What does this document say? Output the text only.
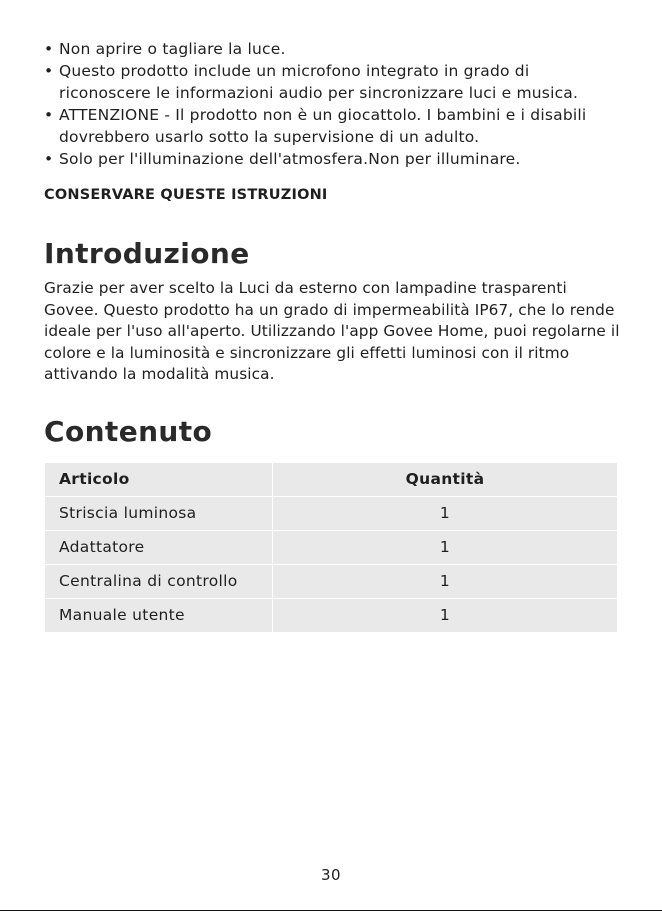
• Non aprire o tagliare la luce.
• Questo prodotto include un microfono integrato in grado di riconoscere le informazioni audio per sincronizzare luci e musica.
• ATTENZIONE - Il prodotto non è un giocattolo. I bambini e i disabili dovrebbero usarlo sotto la supervisione di un adulto.
• Solo per l'illuminazione dell'atmosfera.Non per illuminare.
CONSERVARE QUESTE ISTRUZIONI
Introduzione

Grazie per aver scelto la Luci da esterno con lampadine trasparenti Govee. Questo prodotto ha un grado di impermeabilità IP67, che lo rende ideale per l'uso all'aperto. Utilizzando l'app Govee Home, puoi regolarne il colore e la luminosità e sincronizzare gli effetti luminosi con il ritmo attivando la modalità musica.

Contenuto
Articolo	Quantità
Striscia luminosa	1
Adattatore	1
Centralina di controllo	1
Manuale utente	1
30
